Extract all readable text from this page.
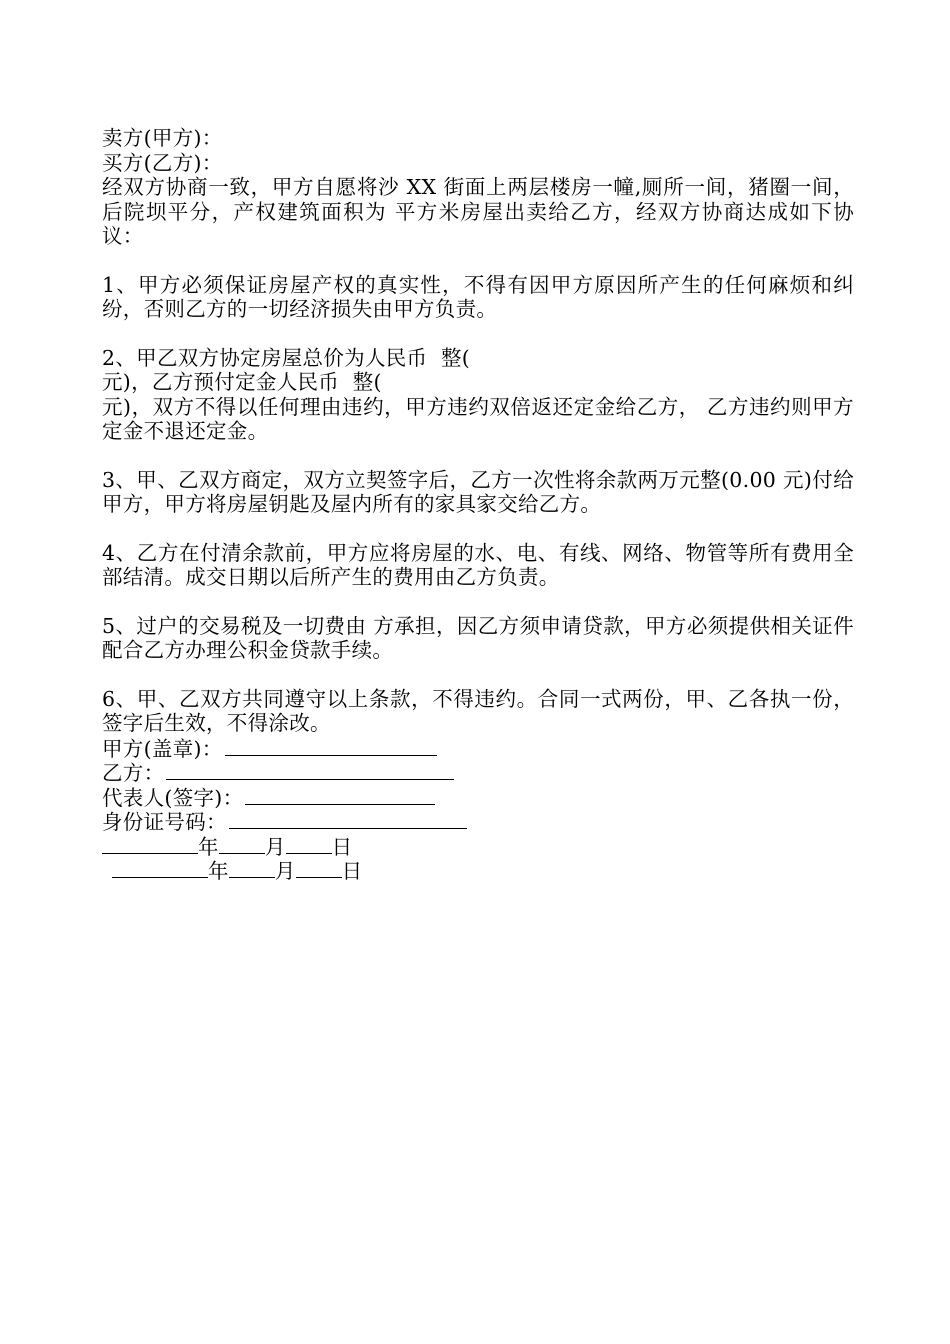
卖方(甲方)：
买方(乙方)：
经双方协商一致，甲方自愿将沙 XX 街面上两层楼房一幢,厕所一间，猪圈一间，后院坝平分，产权建筑面积为 平方米房屋出卖给乙方，经双方协商达成如下协议：
1、甲方必须保证房屋产权的真实性，不得有因甲方原因所产生的任何麻烦和纠纷，否则乙方的一切经济损失由甲方负责。
2、甲乙双方协定房屋总价为人民币  整(
元)，乙方预付定金人民币  整(
元)，双方不得以任何理由违约，甲方违约双倍返还定金给乙方， 乙方违约则甲方定金不退还定金。
3、甲、乙双方商定，双方立契签字后，乙方一次性将余款两万元整(0.00 元)付给甲方，甲方将房屋钥匙及屋内所有的家具家交给乙方。
4、乙方在付清余款前，甲方应将房屋的水、电、有线、网络、物管等所有费用全部结清。成交日期以后所产生的费用由乙方负责。
5、过户的交易税及一切费由 方承担，因乙方须申请贷款，甲方必须提供相关证件配合乙方办理公积金贷款手续。
6、甲、乙双方共同遵守以上条款，不得违约。合同一式两份，甲、乙各执一份，签字后生效，不得涂改。
甲方(盖章)：
乙方：
代表人(签字)：
身份证号码：
年 月 日
年 月 日
